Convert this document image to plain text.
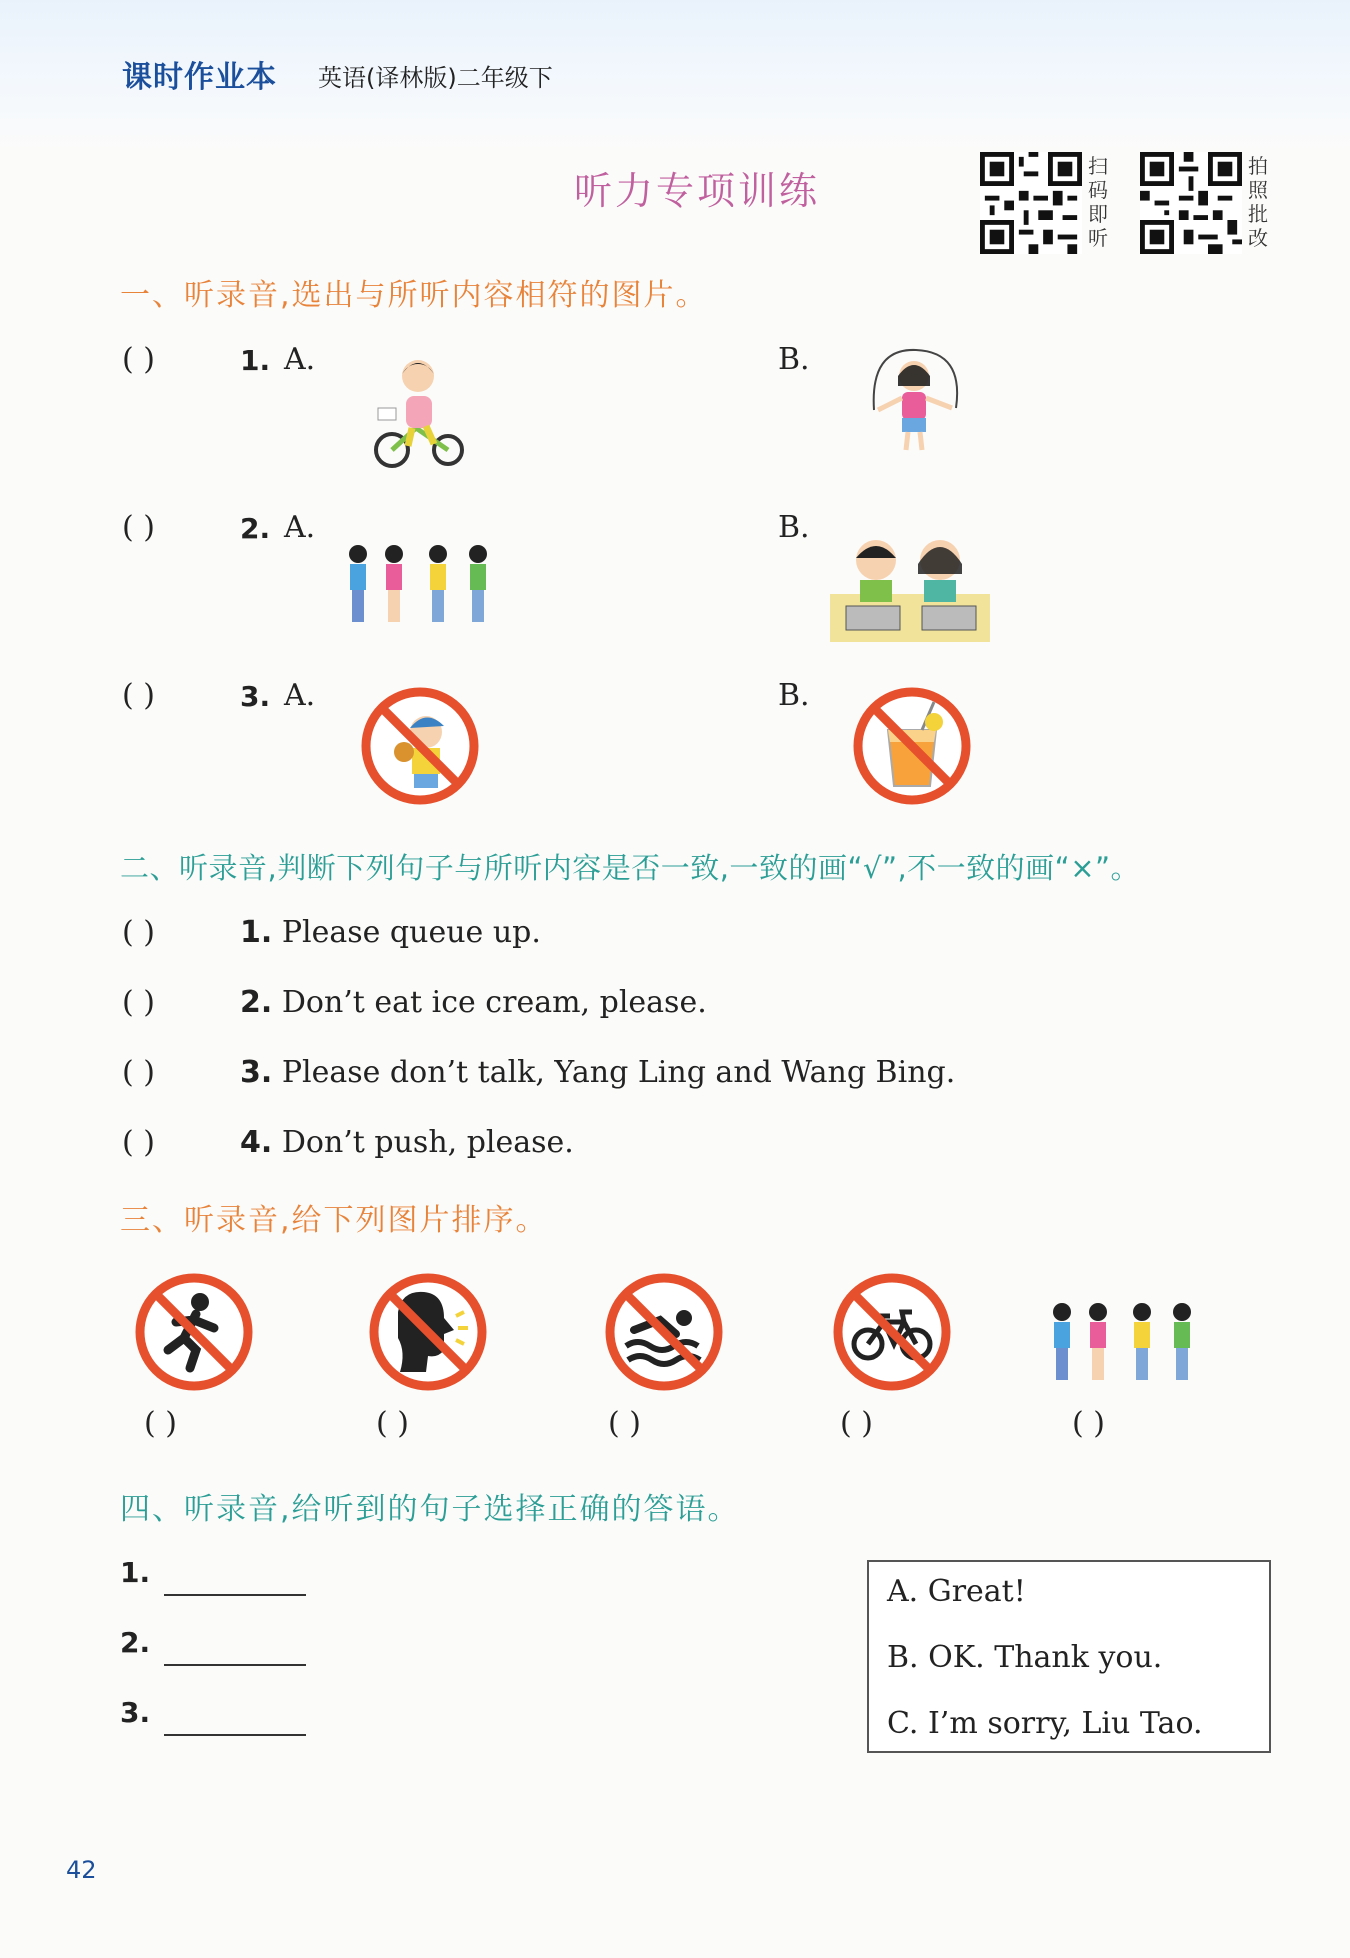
课时作业本 英语(译林版)二年级下
听力专项训练
扫码即听
拍照批改
一、听录音,选出与所听内容相符的图片。
( )	1. A.	B.
( )	2. A.	B.
( )	3. A.	B.
二、听录音,判断下列句子与所听内容是否一致,一致的画“√”,不一致的画“×”。
( )	1. Please queue up.
( )	2. Don’t eat ice cream, please.
( )	3. Please don’t talk, Yang Ling and Wang Bing.
( )	4. Don’t push, please.
三、听录音,给下列图片排序。
( )	( )	( )	( )	( )
四、听录音,给听到的句子选择正确的答语。
1.
2.
3.
A. Great!
B. OK. Thank you.
C. I’m sorry, Liu Tao.
42
